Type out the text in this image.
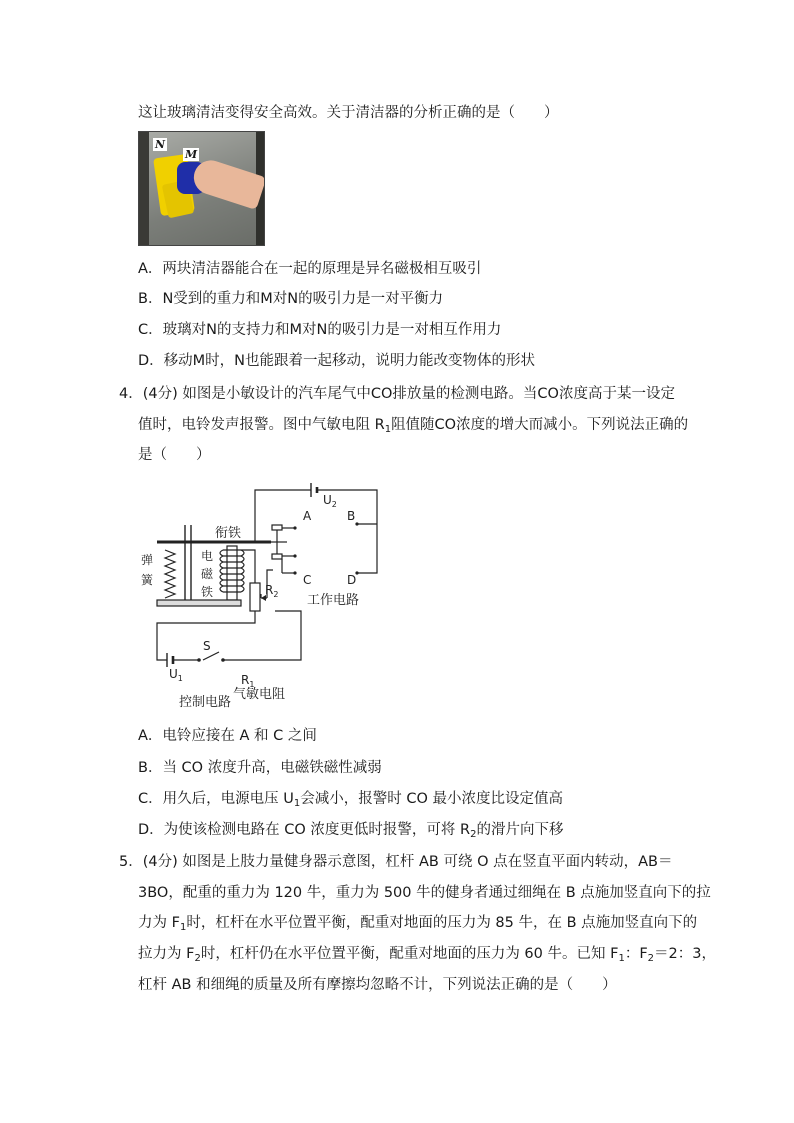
这让玻璃清洁变得安全高效。关于清洁器的分析正确的是（　　）
N
M
A．两块清洁器能合在一起的原理是异名磁极相互吸引
B．N受到的重力和M对N的吸引力是一对平衡力
C．玻璃对N的支持力和M对N的吸引力是一对相互作用力
D．移动M时，N也能跟着一起移动，说明力能改变物体的形状
4．(4分) 如图是小敏设计的汽车尾气中CO排放量的检测电路。当CO浓度高于某一设定
值时，电铃发声报警。图中气敏电阻 $R_1$阻值随CO浓度的增大而减小。下列说法正确的
是（　　）
$U_2$
A	B
C	D
衔铁
弹
簧
电
磁
铁	$R_2$ 工作电路
S
$U_1$	$R_1$
气敏电阻
控制电路
A．电铃应接在 A 和 C 之间
B．当 CO 浓度升高，电磁铁磁性减弱
C．用久后，电源电压 $U_1$会减小，报警时 CO 最小浓度比设定值高
D．为使该检测电路在 CO 浓度更低时报警，可将 $R_2$的滑片向下移
5．(4分) 如图是上肢力量健身器示意图，杠杆 AB 可绕 O 点在竖直平面内转动，AB＝
3BO，配重的重力为 120 牛，重力为 500 牛的健身者通过细绳在 B 点施加竖直向下的拉
力为 $F_1$时，杠杆在水平位置平衡，配重对地面的压力为 85 牛，在 B 点施加竖直向下的
拉力为 $F_2$时，杠杆仍在水平位置平衡，配重对地面的压力为 60 牛。已知 $F_1$：$F_2=2$：3，
杠杆 AB 和细绳的质量及所有摩擦均忽略不计，下列说法正确的是（　　）
